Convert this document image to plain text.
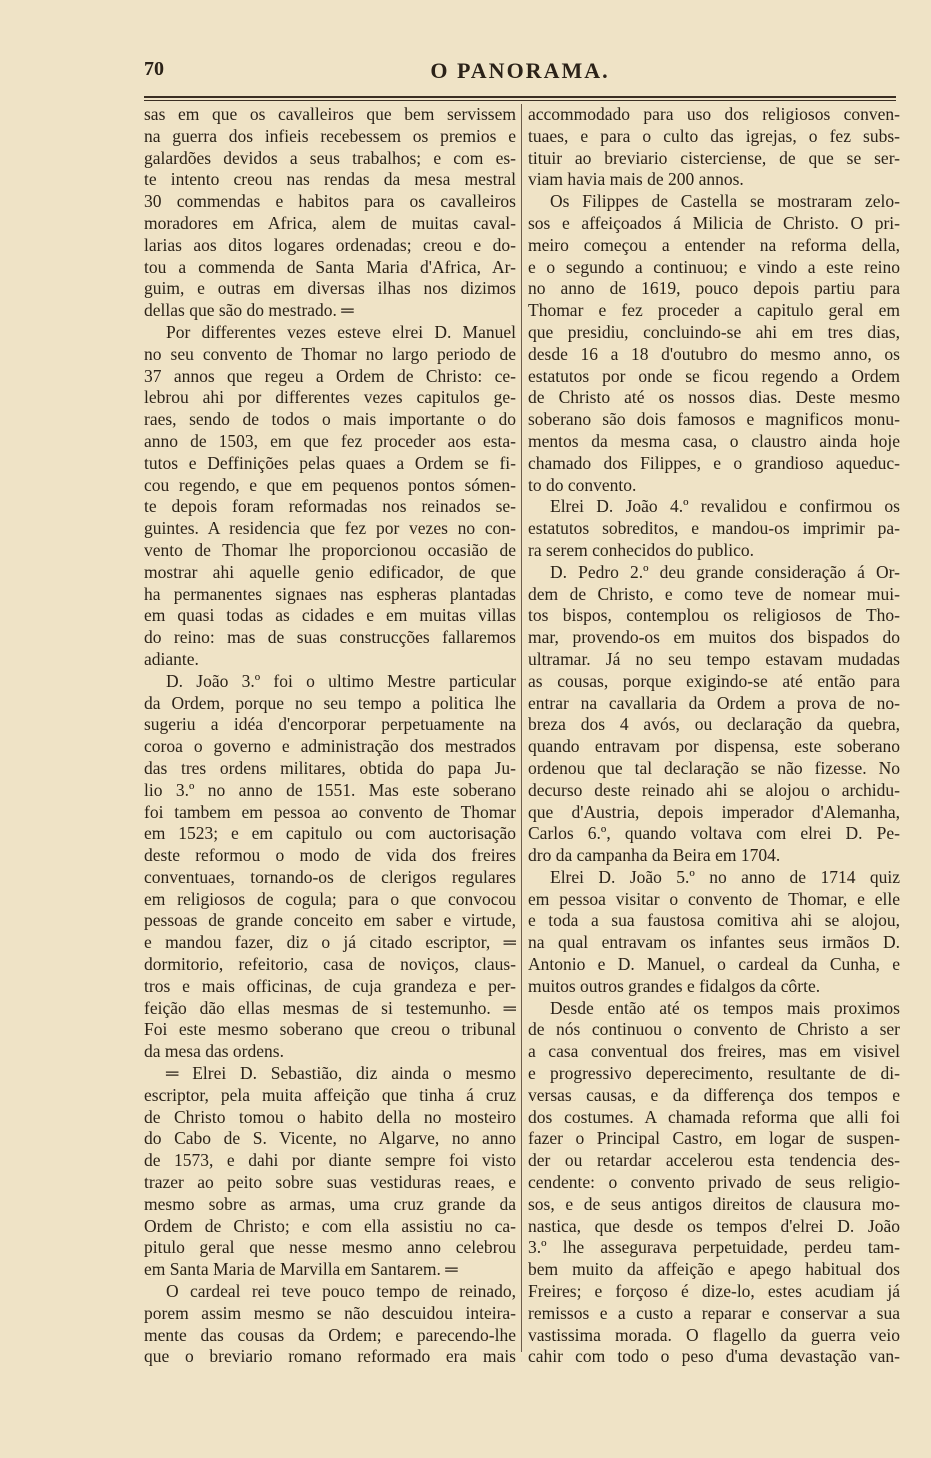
70	O PANORAMA.
sas em que os cavalleiros que bem servissem
na guerra dos infieis recebessem os premios e
galardões devidos a seus trabalhos; e com es-
te intento creou nas rendas da mesa mestral
30 commendas e habitos para os cavalleiros
moradores em Africa, alem de muitas caval-
larias aos ditos logares ordenadas; creou e do-
tou a commenda de Santa Maria d'Africa, Ar-
guim, e outras em diversas ilhas nos dizimos
dellas que são do mestrado. ═
Por differentes vezes esteve elrei D. Manuel
no seu convento de Thomar no largo periodo de
37 annos que regeu a Ordem de Christo: ce-
lebrou ahi por differentes vezes capitulos ge-
raes, sendo de todos o mais importante o do
anno de 1503, em que fez proceder aos esta-
tutos e Deffinições pelas quaes a Ordem se fi-
cou regendo, e que em pequenos pontos sómen-
te depois foram reformadas nos reinados se-
guintes. A residencia que fez por vezes no con-
vento de Thomar lhe proporcionou occasião de
mostrar ahi aquelle genio edificador, de que
ha permanentes signaes nas espheras plantadas
em quasi todas as cidades e em muitas villas
do reino: mas de suas construcções fallaremos
adiante.
D. João 3.º foi o ultimo Mestre particular
da Ordem, porque no seu tempo a politica lhe
sugeriu a idéa d'encorporar perpetuamente na
coroa o governo e administração dos mestrados
das tres ordens militares, obtida do papa Ju-
lio 3.º no anno de 1551. Mas este soberano
foi tambem em pessoa ao convento de Thomar
em 1523; e em capitulo ou com auctorisação
deste reformou o modo de vida dos freires
conventuaes, tornando-os de clerigos regulares
em religiosos de cogula; para o que convocou
pessoas de grande conceito em saber e virtude,
e mandou fazer, diz o já citado escriptor, ═
dormitorio, refeitorio, casa de noviços, claus-
tros e mais officinas, de cuja grandeza e per-
feição dão ellas mesmas de si testemunho. ═
Foi este mesmo soberano que creou o tribunal
da mesa das ordens.
═ Elrei D. Sebastião, diz ainda o mesmo
escriptor, pela muita affeição que tinha á cruz
de Christo tomou o habito della no mosteiro
do Cabo de S. Vicente, no Algarve, no anno
de 1573, e dahi por diante sempre foi visto
trazer ao peito sobre suas vestiduras reaes, e
mesmo sobre as armas, uma cruz grande da
Ordem de Christo; e com ella assistiu no ca-
pitulo geral que nesse mesmo anno celebrou
em Santa Maria de Marvilla em Santarem. ═
O cardeal rei teve pouco tempo de reinado,
porem assim mesmo se não descuidou inteira-
mente das cousas da Ordem; e parecendo-lhe
que o breviario romano reformado era mais
accommodado para uso dos religiosos conven-
tuaes, e para o culto das igrejas, o fez subs-
tituir ao breviario cisterciense, de que se ser-
viam havia mais de 200 annos.
Os Filippes de Castella se mostraram zelo-
sos e affeiçoados á Milicia de Christo. O pri-
meiro começou a entender na reforma della,
e o segundo a continuou; e vindo a este reino
no anno de 1619, pouco depois partiu para
Thomar e fez proceder a capitulo geral em
que presidiu, concluindo-se ahi em tres dias,
desde 16 a 18 d'outubro do mesmo anno, os
estatutos por onde se ficou regendo a Ordem
de Christo até os nossos dias. Deste mesmo
soberano são dois famosos e magnificos monu-
mentos da mesma casa, o claustro ainda hoje
chamado dos Filippes, e o grandioso aqueduc-
to do convento.
Elrei D. João 4.º revalidou e confirmou os
estatutos sobreditos, e mandou-os imprimir pa-
ra serem conhecidos do publico.
D. Pedro 2.º deu grande consideração á Or-
dem de Christo, e como teve de nomear mui-
tos bispos, contemplou os religiosos de Tho-
mar, provendo-os em muitos dos bispados do
ultramar. Já no seu tempo estavam mudadas
as cousas, porque exigindo-se até então para
entrar na cavallaria da Ordem a prova de no-
breza dos 4 avós, ou declaração da quebra,
quando entravam por dispensa, este soberano
ordenou que tal declaração se não fizesse. No
decurso deste reinado ahi se alojou o archidu-
que d'Austria, depois imperador d'Alemanha,
Carlos 6.º, quando voltava com elrei D. Pe-
dro da campanha da Beira em 1704.
Elrei D. João 5.º no anno de 1714 quiz
em pessoa visitar o convento de Thomar, e elle
e toda a sua faustosa comitiva ahi se alojou,
na qual entravam os infantes seus irmãos D.
Antonio e D. Manuel, o cardeal da Cunha, e
muitos outros grandes e fidalgos da côrte.
Desde então até os tempos mais proximos
de nós continuou o convento de Christo a ser
a casa conventual dos freires, mas em visivel
e progressivo deperecimento, resultante de di-
versas causas, e da differença dos tempos e
dos costumes. A chamada reforma que alli foi
fazer o Principal Castro, em logar de suspen-
der ou retardar accelerou esta tendencia des-
cendente: o convento privado de seus religio-
sos, e de seus antigos direitos de clausura mo-
nastica, que desde os tempos d'elrei D. João
3.º lhe assegurava perpetuidade, perdeu tam-
bem muito da affeição e apego habitual dos
Freires; e forçoso é dize-lo, estes acudiam já
remissos e a custo a reparar e conservar a sua
vastissima morada. O flagello da guerra veio
cahir com todo o peso d'uma devastação van-
